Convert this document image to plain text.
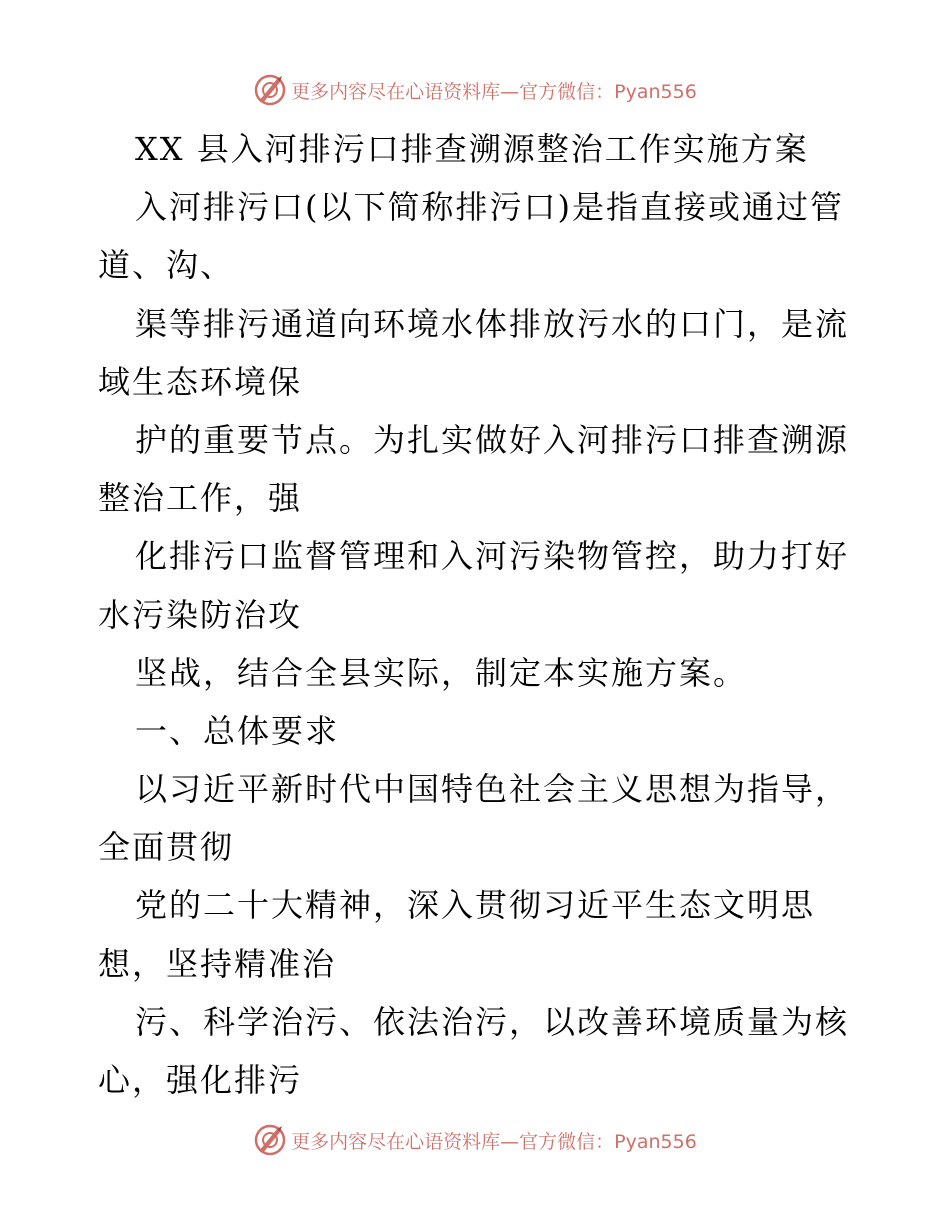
更多内容尽在心语资料库—官方微信：Pyan556
XX 县入河排污口排查溯源整治工作实施方案
入河排污口(以下简称排污口)是指直接或通过管
道、沟、
渠等排污通道向环境水体排放污水的口门，是流
域生态环境保
护的重要节点。为扎实做好入河排污口排查溯源
整治工作，强
化排污口监督管理和入河污染物管控，助力打好
水污染防治攻
坚战，结合全县实际，制定本实施方案。
一、总体要求
以习近平新时代中国特色社会主义思想为指导，
全面贯彻
党的二十大精神，深入贯彻习近平生态文明思
想，坚持精准治
污、科学治污、依法治污，以改善环境质量为核
心，强化排污
更多内容尽在心语资料库—官方微信：Pyan556
